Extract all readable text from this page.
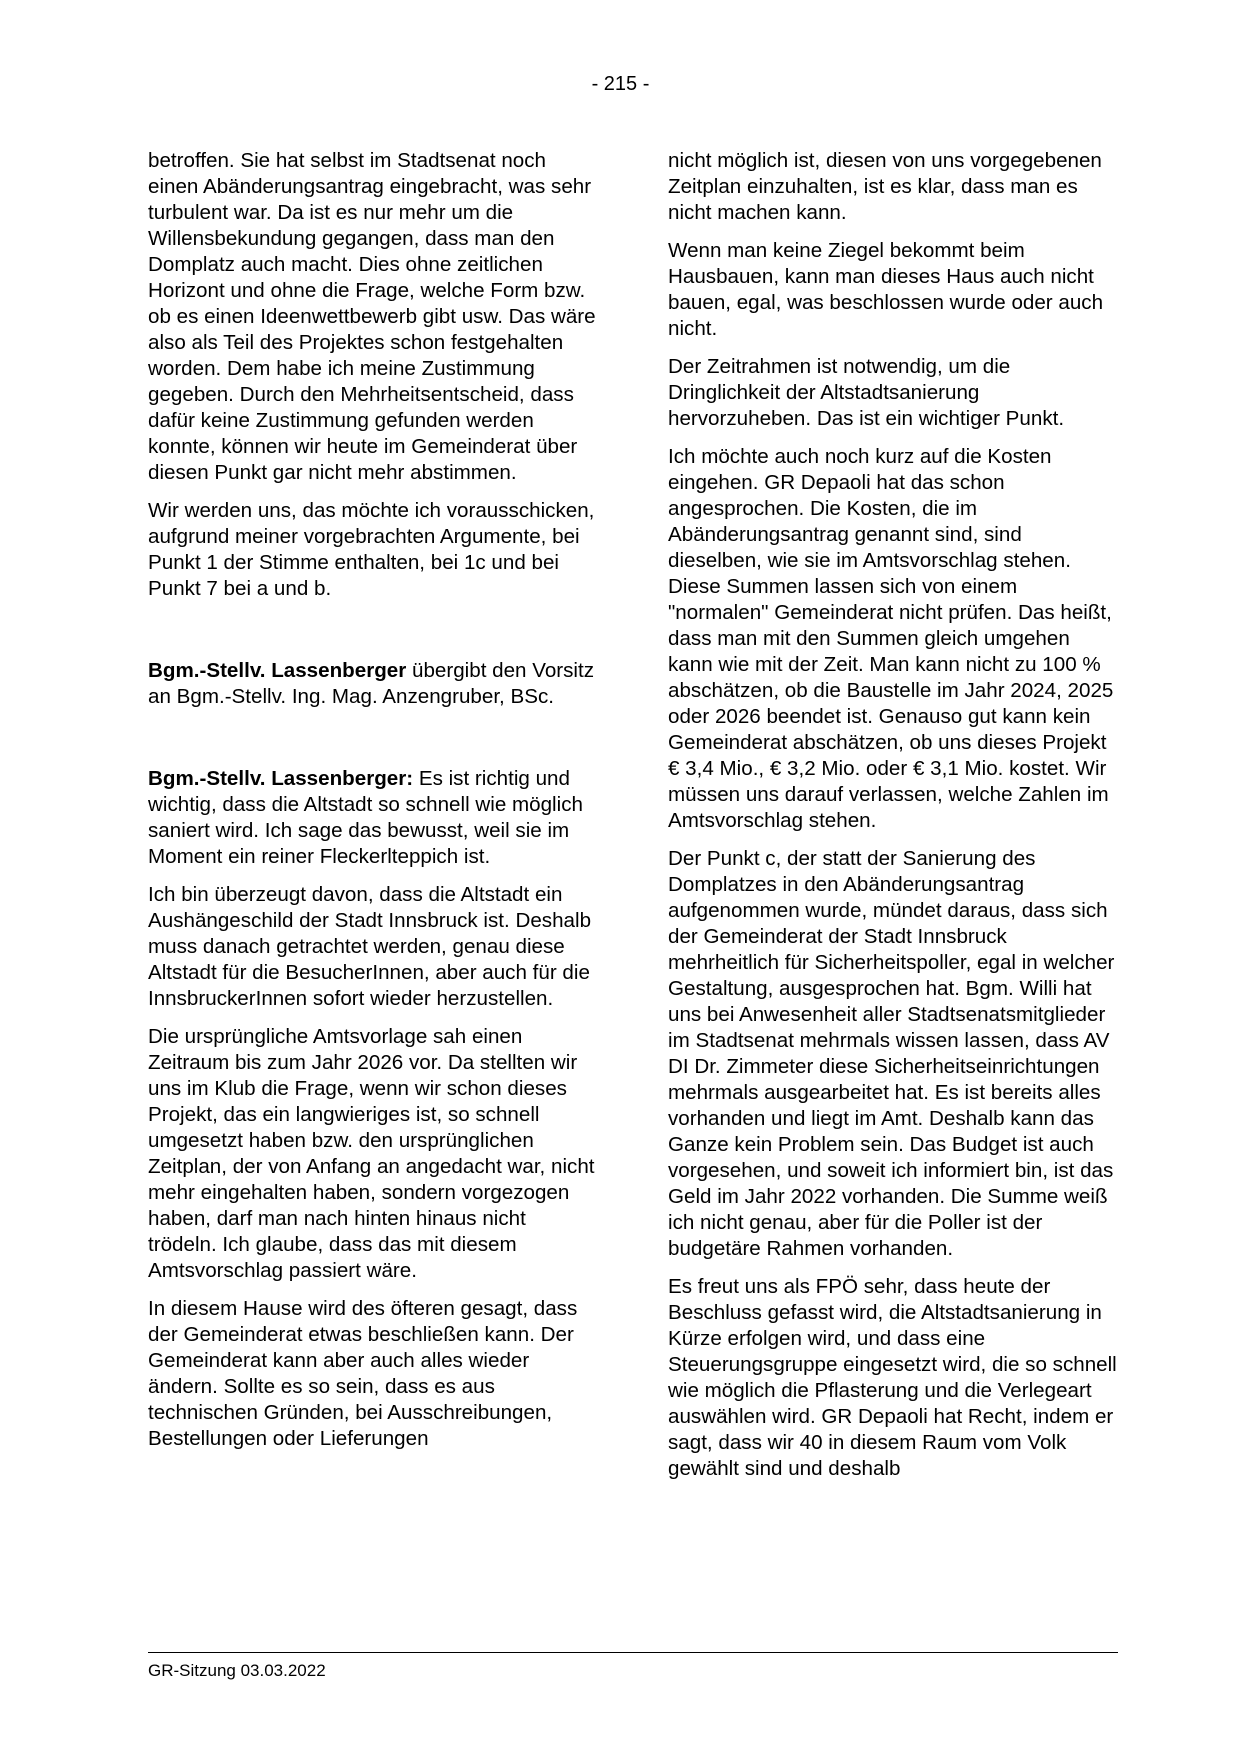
- 215 -

betroffen. Sie hat selbst im Stadtsenat noch einen Abänderungsantrag eingebracht, was sehr turbulent war. Da ist es nur mehr um die Willensbekundung gegangen, dass man den Domplatz auch macht. Dies ohne zeitlichen Horizont und ohne die Frage, welche Form bzw. ob es einen Ideenwettbewerb gibt usw. Das wäre also als Teil des Projektes schon festgehalten worden. Dem habe ich meine Zustimmung gegeben. Durch den Mehrheitsentscheid, dass dafür keine Zustimmung gefunden werden konnte, können wir heute im Gemeinderat über diesen Punkt gar nicht mehr abstimmen.

Wir werden uns, das möchte ich vorausschicken, aufgrund meiner vorgebrachten Argumente, bei Punkt 1 der Stimme enthalten, bei 1c und bei Punkt 7 bei a und b.

Bgm.-Stellv. Lassenberger übergibt den Vorsitz an Bgm.-Stellv. Ing. Mag. Anzengruber, BSc.

Bgm.-Stellv. Lassenberger: Es ist richtig und wichtig, dass die Altstadt so schnell wie möglich saniert wird. Ich sage das bewusst, weil sie im Moment ein reiner Fleckerlteppich ist.

Ich bin überzeugt davon, dass die Altstadt ein Aushängeschild der Stadt Innsbruck ist. Deshalb muss danach getrachtet werden, genau diese Altstadt für die BesucherInnen, aber auch für die InnsbruckerInnen sofort wieder herzustellen.

Die ursprüngliche Amtsvorlage sah einen Zeitraum bis zum Jahr 2026 vor. Da stellten wir uns im Klub die Frage, wenn wir schon dieses Projekt, das ein langwieriges ist, so schnell umgesetzt haben bzw. den ursprünglichen Zeitplan, der von Anfang an angedacht war, nicht mehr eingehalten haben, sondern vorgezogen haben, darf man nach hinten hinaus nicht trödeln. Ich glaube, dass das mit diesem Amtsvorschlag passiert wäre.

In diesem Hause wird des öfteren gesagt, dass der Gemeinderat etwas beschließen kann. Der Gemeinderat kann aber auch alles wieder ändern. Sollte es so sein, dass es aus technischen Gründen, bei Ausschreibungen, Bestellungen oder Lieferungen

nicht möglich ist, diesen von uns vorgegebenen Zeitplan einzuhalten, ist es klar, dass man es nicht machen kann.

Wenn man keine Ziegel bekommt beim Hausbauen, kann man dieses Haus auch nicht bauen, egal, was beschlossen wurde oder auch nicht.

Der Zeitrahmen ist notwendig, um die Dringlichkeit der Altstadtsanierung hervorzuheben. Das ist ein wichtiger Punkt.

Ich möchte auch noch kurz auf die Kosten eingehen. GR Depaoli hat das schon angesprochen. Die Kosten, die im Abänderungsantrag genannt sind, sind dieselben, wie sie im Amtsvorschlag stehen. Diese Summen lassen sich von einem "normalen" Gemeinderat nicht prüfen. Das heißt, dass man mit den Summen gleich umgehen kann wie mit der Zeit. Man kann nicht zu 100 % abschätzen, ob die Baustelle im Jahr 2024, 2025 oder 2026 beendet ist. Genauso gut kann kein Gemeinderat abschätzen, ob uns dieses Projekt € 3,4 Mio., € 3,2 Mio. oder € 3,1 Mio. kostet. Wir müssen uns darauf verlassen, welche Zahlen im Amtsvorschlag stehen.

Der Punkt c, der statt der Sanierung des Domplatzes in den Abänderungsantrag aufgenommen wurde, mündet daraus, dass sich der Gemeinderat der Stadt Innsbruck mehrheitlich für Sicherheitspoller, egal in welcher Gestaltung, ausgesprochen hat. Bgm. Willi hat uns bei Anwesenheit aller Stadtsenatsmitglieder im Stadtsenat mehrmals wissen lassen, dass AV DI Dr. Zimmeter diese Sicherheitseinrichtungen mehrmals ausgearbeitet hat. Es ist bereits alles vorhanden und liegt im Amt. Deshalb kann das Ganze kein Problem sein. Das Budget ist auch vorgesehen, und soweit ich informiert bin, ist das Geld im Jahr 2022 vorhanden. Die Summe weiß ich nicht genau, aber für die Poller ist der budgetäre Rahmen vorhanden.

Es freut uns als FPÖ sehr, dass heute der Beschluss gefasst wird, die Altstadtsanierung in Kürze erfolgen wird, und dass eine Steuerungsgruppe eingesetzt wird, die so schnell wie möglich die Pflasterung und die Verlegeart auswählen wird. GR Depaoli hat Recht, indem er sagt, dass wir 40 in diesem Raum vom Volk gewählt sind und deshalb

GR-Sitzung 03.03.2022
